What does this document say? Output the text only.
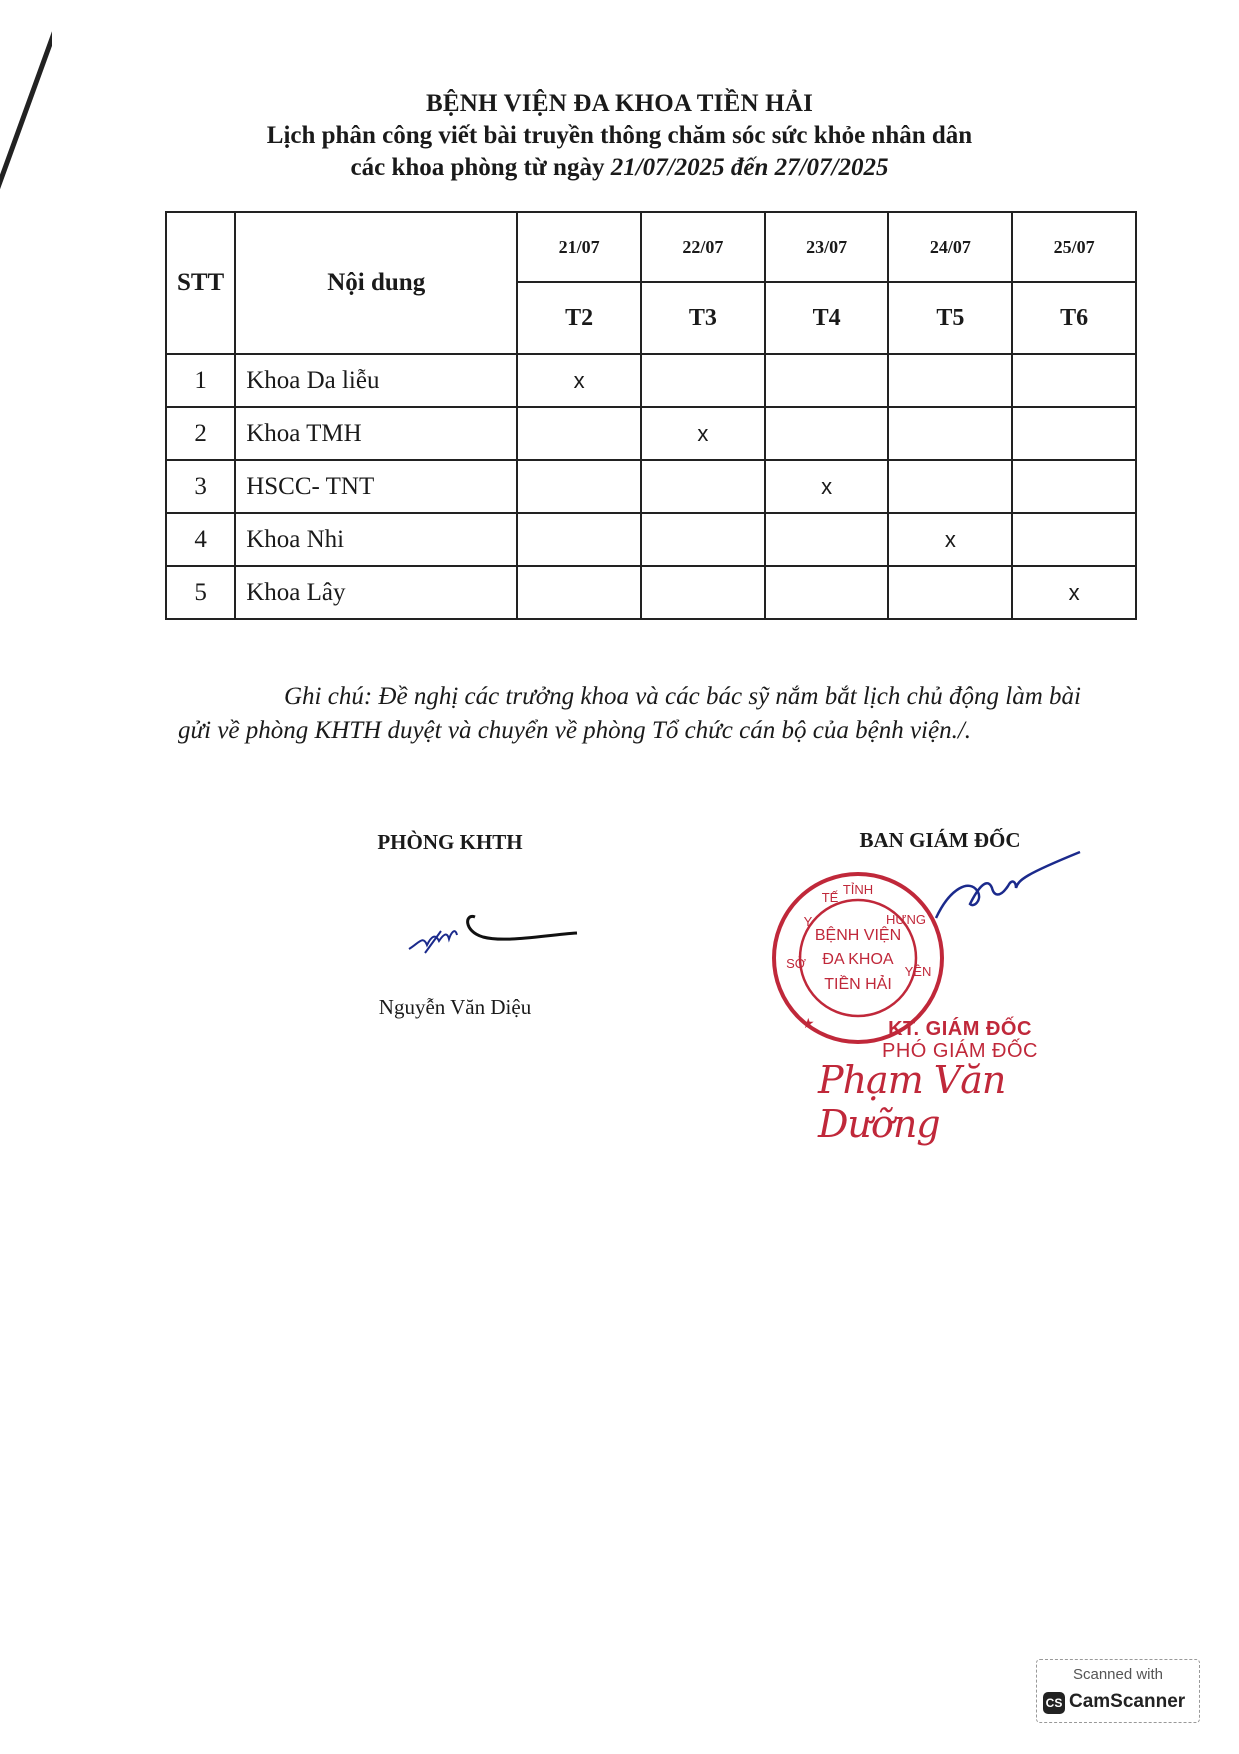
BỆNH VIỆN ĐA KHOA TIỀN HẢI
Lịch phân công viết bài truyền thông chăm sóc sức khỏe nhân dân
các khoa phòng từ ngày 21/07/2025 đến 27/07/2025
STT	Nội dung	21/07	22/07	23/07	24/07	25/07
		T2	T3	T4	T5	T6
1	Khoa Da liễu	x				
2	Khoa TMH		x			
3	HSCC- TNT			x		
4	Khoa Nhi				x	
5	Khoa Lây					x
Ghi chú: Đề nghị các trưởng khoa và các bác sỹ nắm bắt lịch chủ động làm bài gửi về phòng KHTH duyệt và chuyển về phòng Tổ chức cán bộ của bệnh viện./.
PHÒNG KHTH
Nguyễn Văn Diệu
BAN GIÁM ĐỐC
TỈNH
SỞ
Y
TẾ
YÊN
HƯNG
BỆNH VIỆN
ĐA KHOA
TIỀN HẢI
★	KT. GIÁM ĐỐC
PHÓ GIÁM ĐỐC
Phạm Văn Dưỡng
Scanned with
CS CamScanner
